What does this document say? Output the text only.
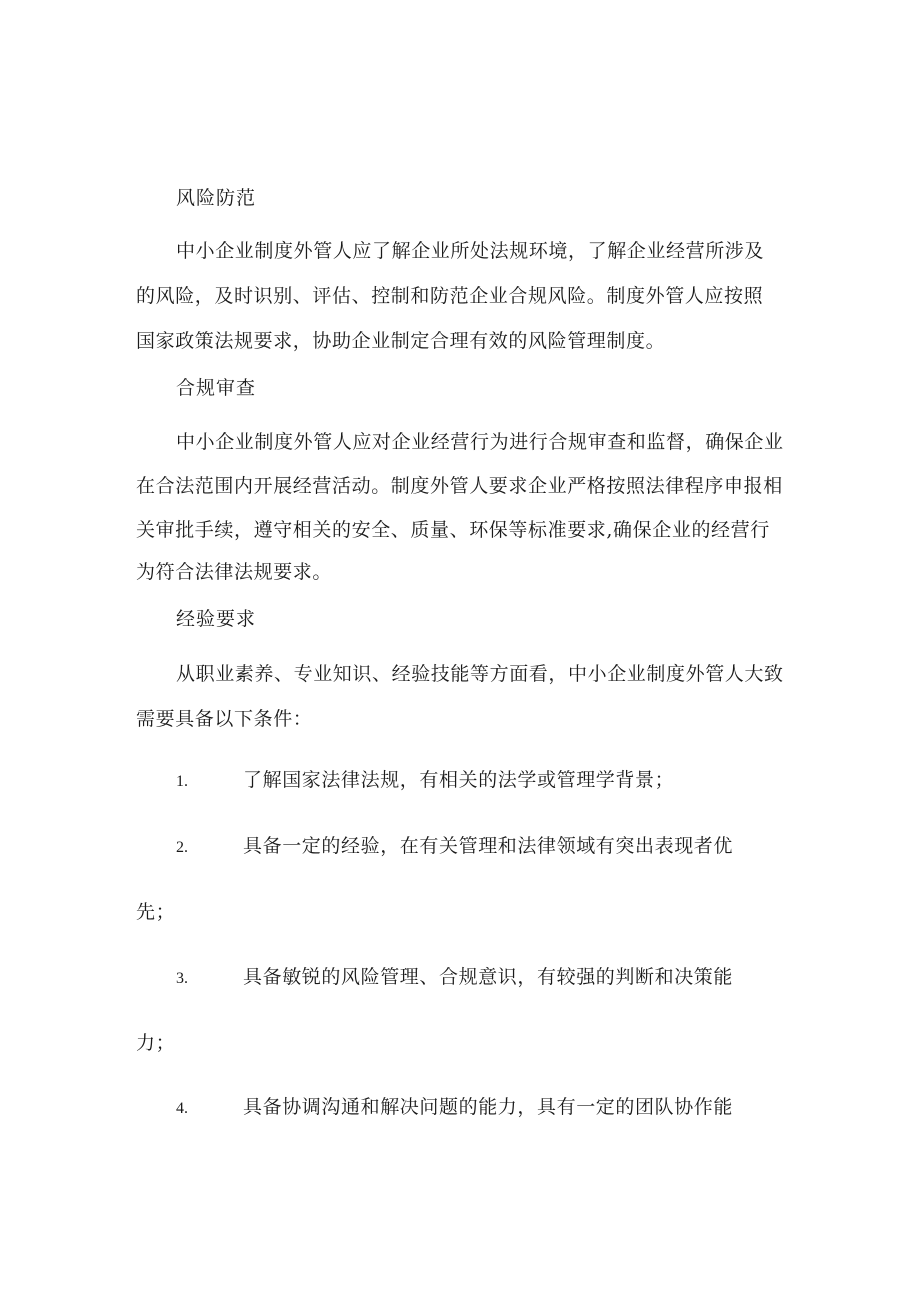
风险防范
中小企业制度外管人应了解企业所处法规环境，了解企业经营所涉及
的风险，及时识别、评估、控制和防范企业合规风险。制度外管人应按照
国家政策法规要求，协助企业制定合理有效的风险管理制度。
合规审查
中小企业制度外管人应对企业经营行为进行合规审查和监督，确保企业
在合法范围内开展经营活动。制度外管人要求企业严格按照法律程序申报相
关审批手续，遵守相关的安全、质量、环保等标准要求,确保企业的经营行
为符合法律法规要求。
经验要求
从职业素养、专业知识、经验技能等方面看，中小企业制度外管人大致
需要具备以下条件：
1.	了解国家法律法规，有相关的法学或管理学背景；
2.	具备一定的经验，在有关管理和法律领域有突出表现者优
先；
3.	具备敏锐的风险管理、合规意识，有较强的判断和决策能
力；
4.	具备协调沟通和解决问题的能力，具有一定的团队协作能
